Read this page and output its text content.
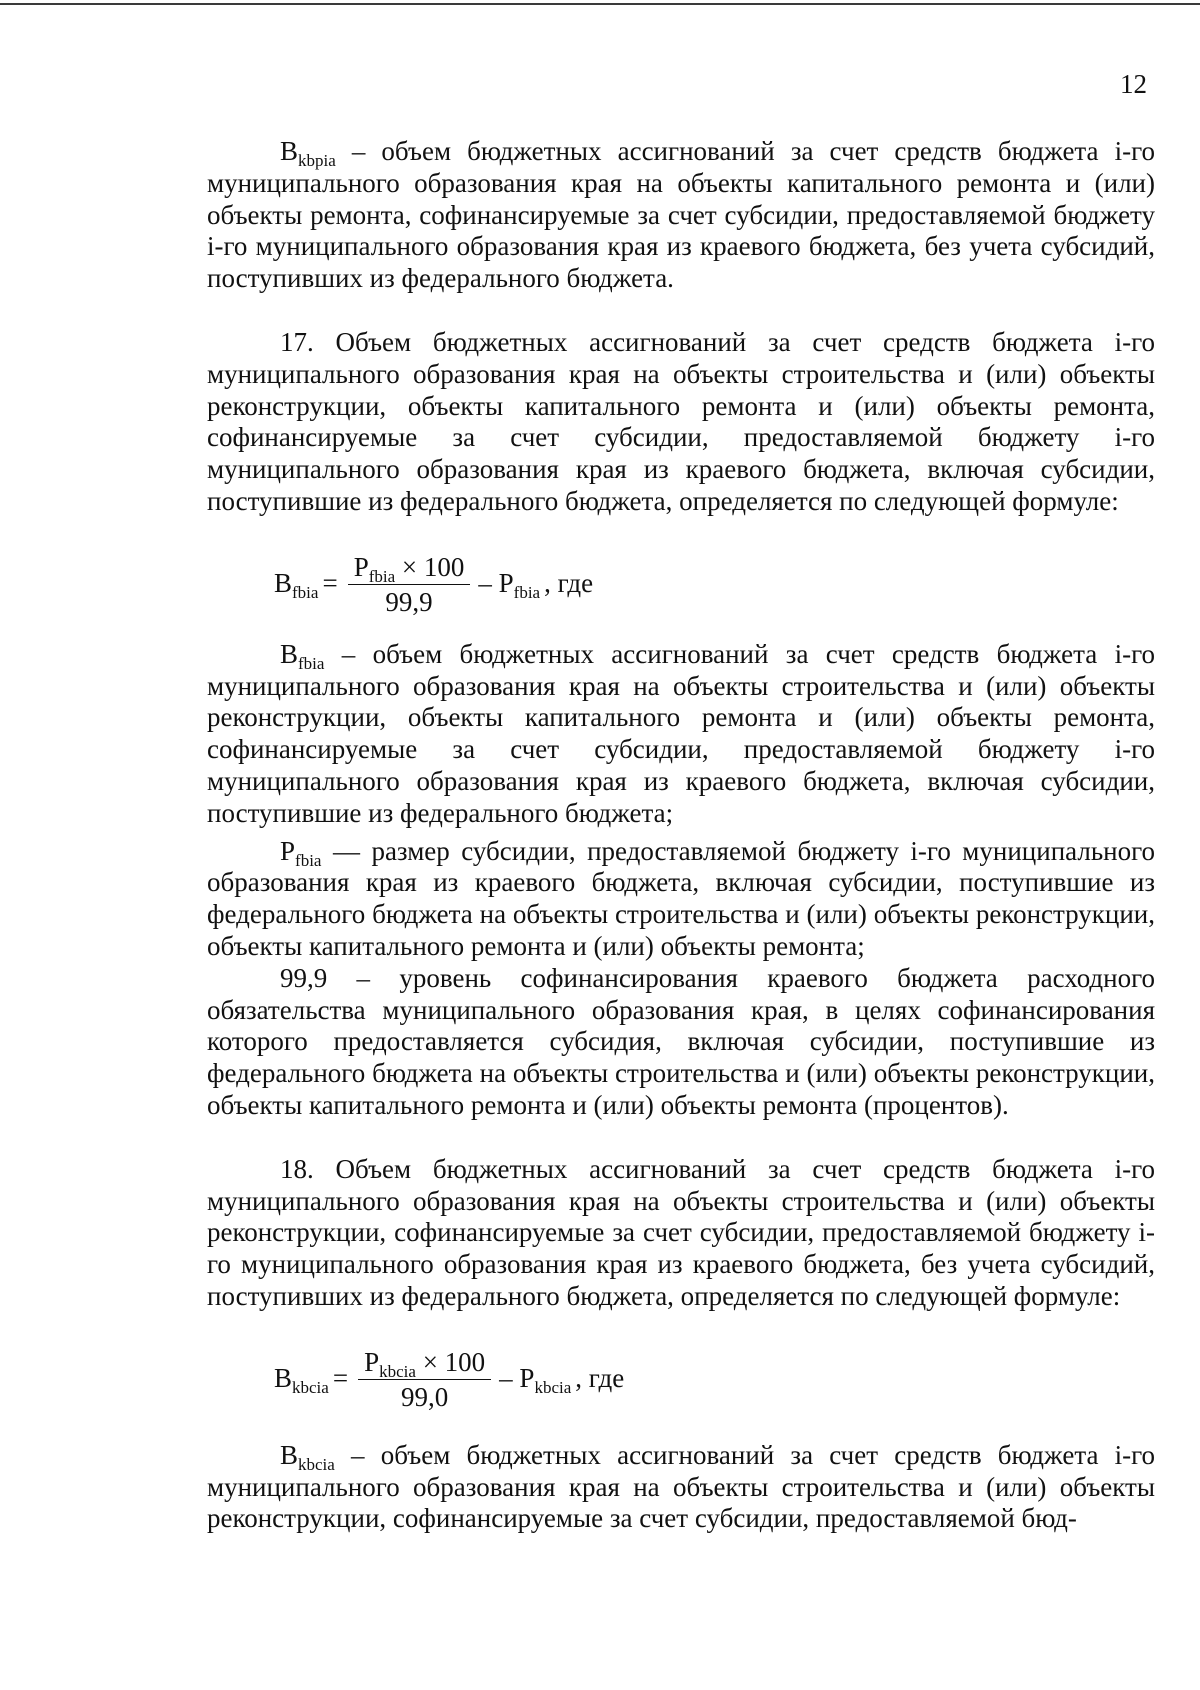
12

$B_{kbpia}$ – объем бюджетных ассигнований за счет средств бюджета i-го муниципального образования края на объекты капитального ремонта и (или) объекты ремонта, софинансируемые за счет субсидии, предоставляемой бюджету i-го муниципального образования края из краевого бюджета, без учета субсидий, поступивших из федерального бюджета.

17. Объем бюджетных ассигнований за счет средств бюджета i-го муниципального образования края на объекты строительства и (или) объекты реконструкции, объекты капитального ремонта и (или) объекты ремонта, софинансируемые за счет субсидии, предоставляемой бюджету i-го муниципального образования края из краевого бюджета, включая субсидии, поступившие из федерального бюджета, определяется по следующей формуле:

$B_{fbia} = \frac{P_{fbia} \times 100}{99,9} - P_{fbia}$ , где

$B_{fbia}$ – объем бюджетных ассигнований за счет средств бюджета i-го муниципального образования края на объекты строительства и (или) объекты реконструкции, объекты капитального ремонта и (или) объекты ремонта, софинансируемые за счет субсидии, предоставляемой бюджету i-го муниципального образования края из краевого бюджета, включая субсидии, поступившие из федерального бюджета;

$P_{fbia}$ — размер субсидии, предоставляемой бюджету i-го муниципального образования края из краевого бюджета, включая субсидии, поступившие из федерального бюджета на объекты строительства и (или) объекты реконструкции, объекты капитального ремонта и (или) объекты ремонта;

99,9 – уровень софинансирования краевого бюджета расходного обязательства муниципального образования края, в целях софинансирования которого предоставляется субсидия, включая субсидии, поступившие из федерального бюджета на объекты строительства и (или) объекты реконструкции, объекты капитального ремонта и (или) объекты ремонта (процентов).

18. Объем бюджетных ассигнований за счет средств бюджета i-го муниципального образования края на объекты строительства и (или) объекты реконструкции, софинансируемые за счет субсидии, предоставляемой бюджету i-го муниципального образования края из краевого бюджета, без учета субсидий, поступивших из федерального бюджета, определяется по следующей формуле:

$B_{kbcia} = \frac{P_{kbcia} \times 100}{99,0} - P_{kbcia}$ , где

$B_{kbcia}$ – объем бюджетных ассигнований за счет средств бюджета i-го муниципального образования края на объекты строительства и (или) объекты реконструкции, софинансируемые за счет субсидии, предоставляемой бюд-
